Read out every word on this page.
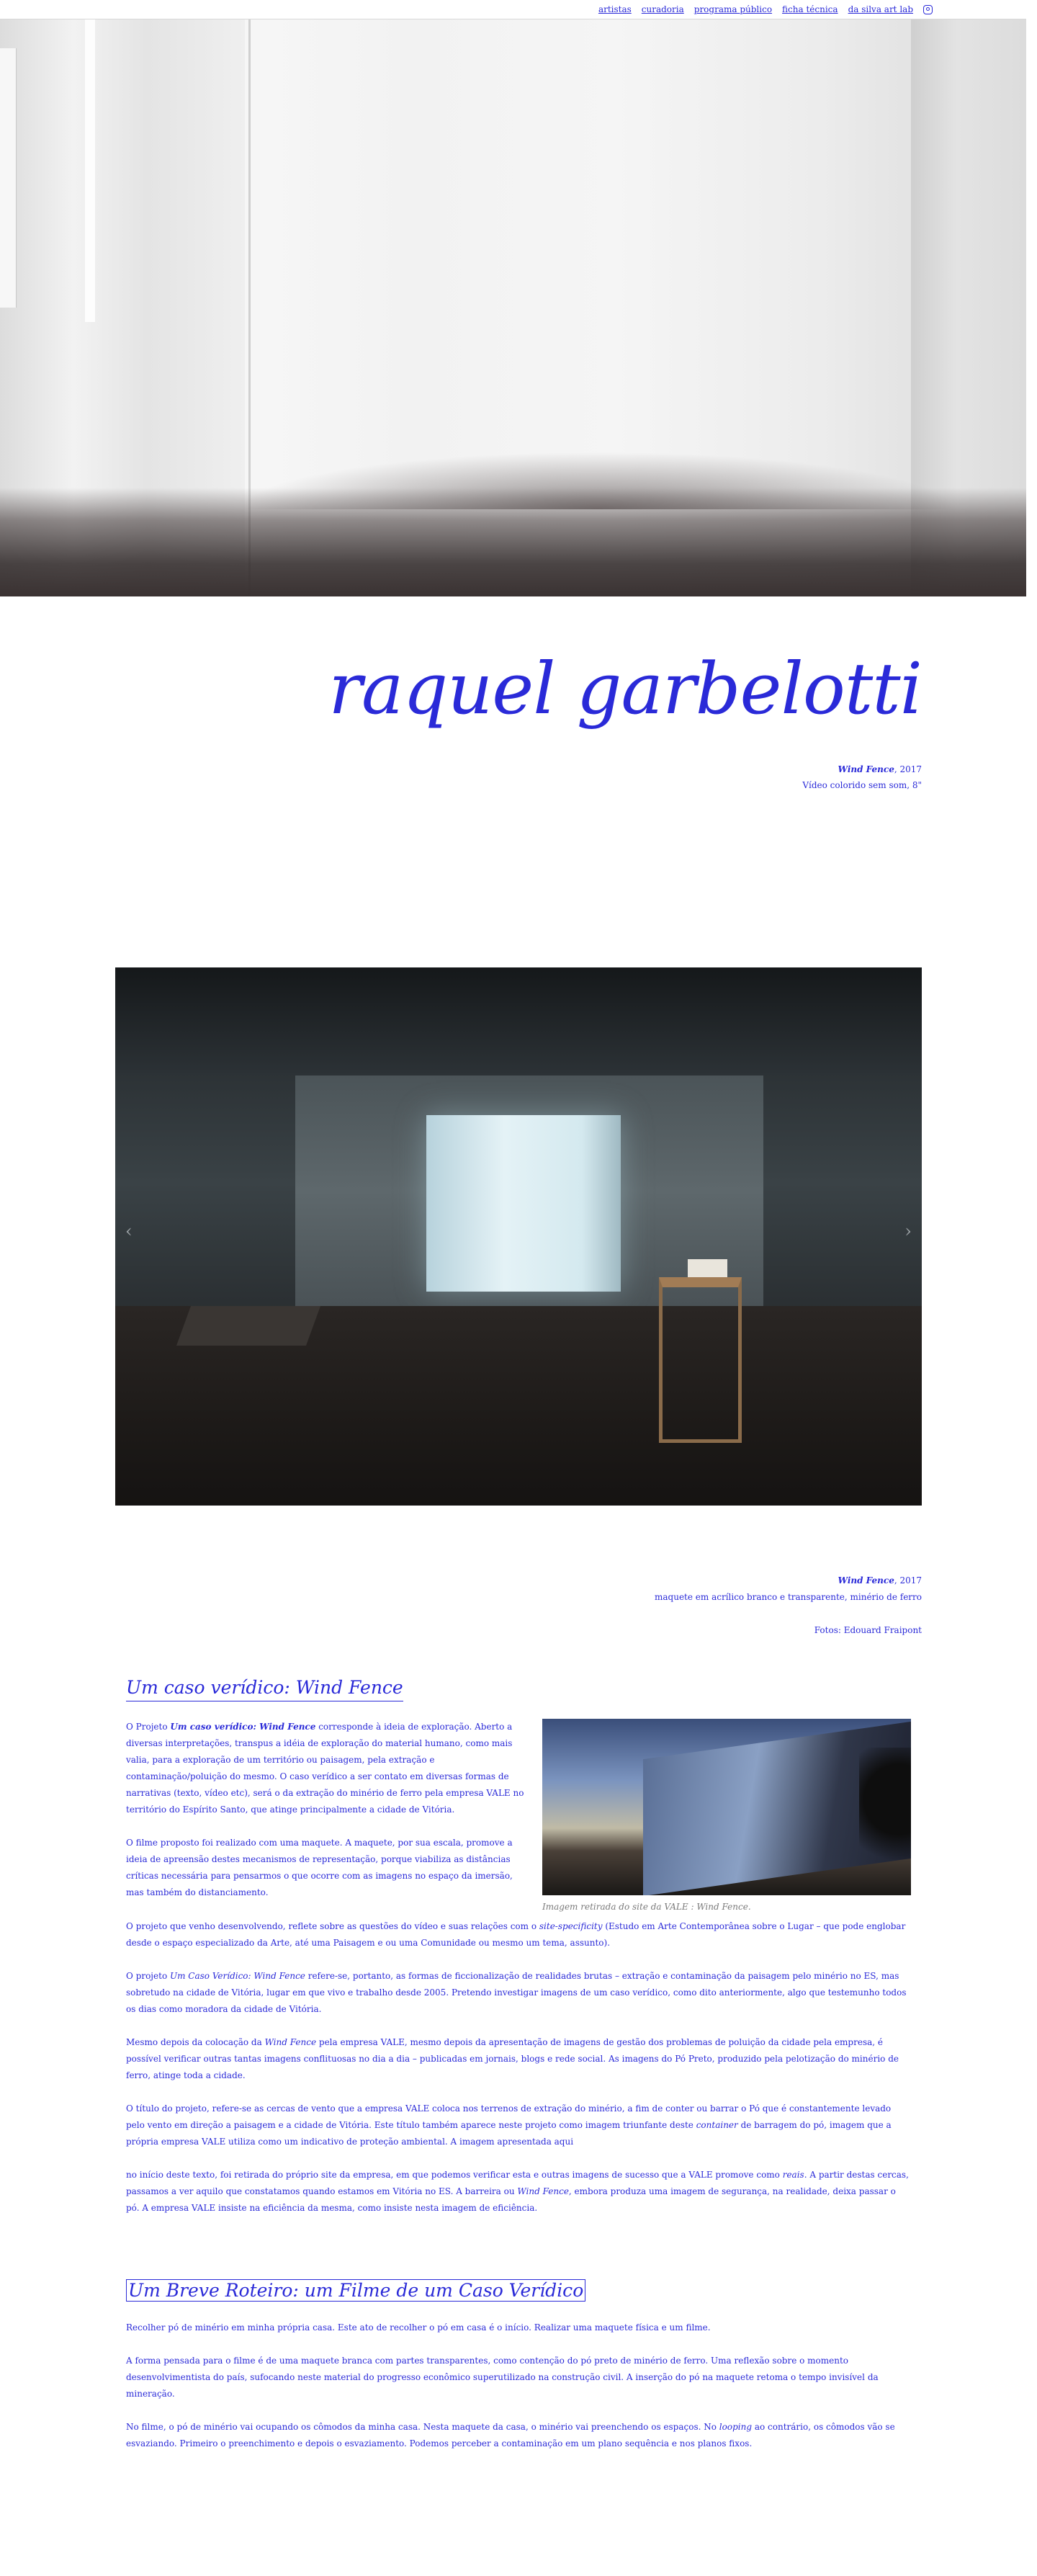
artistas curadoria programa público ficha técnica da silva art lab
raquel garbelotti
Wind Fence, 2017
Vídeo colorido sem som, 8"
‹	›
Wind Fence, 2017
maquete em acrílico branco e transparente, minério de ferro
Fotos: Edouard Fraipont
Um caso verídico: Wind Fence

O Projeto Um caso verídico: Wind Fence corresponde à ideia de exploração. Aberto a diversas interpretações, transpus a idéia de exploração do material humano, como mais valia, para a exploração de um território ou paisagem, pela extração e contaminação/poluição do mesmo. O caso verídico a ser contato em diversas formas de narrativas (texto, vídeo etc), será o da extração do minério de ferro pela empresa VALE no território do Espírito Santo, que atinge principalmente a cidade de Vitória.

O filme proposto foi realizado com uma maquete. A maquete, por sua escala, promove a ideia de apreensão destes mecanismos de representação, porque viabiliza as distâncias críticas necessária para pensarmos o que ocorre com as imagens no espaço da imersão, mas também do distanciamento.

Imagem retirada do site da VALE : Wind Fence.

O projeto que venho desenvolvendo, reflete sobre as questões do vídeo e suas relações com o site-specificity (Estudo em Arte Contemporânea sobre o Lugar – que pode englobar desde o espaço especializado da Arte, até uma Paisagem e ou uma Comunidade ou mesmo um tema, assunto).

O projeto Um Caso Verídico: Wind Fence refere-se, portanto, as formas de ficcionalização de realidades brutas – extração e contaminação da paisagem pelo minério no ES, mas sobretudo na cidade de Vitória, lugar em que vivo e trabalho desde 2005. Pretendo investigar imagens de um caso verídico, como dito anteriormente, algo que testemunho todos os dias como moradora da cidade de Vitória.

Mesmo depois da colocação da Wind Fence pela empresa VALE, mesmo depois da apresentação de imagens de gestão dos problemas de poluição da cidade pela empresa, é possível verificar outras tantas imagens conflituosas no dia a dia – publicadas em jornais, blogs e rede social. As imagens do Pó Preto, produzido pela pelotização do minério de ferro, atinge toda a cidade.

O título do projeto, refere-se as cercas de vento que a empresa VALE coloca nos terrenos de extração do minério, a fim de conter ou barrar o Pó que é constantemente levado pelo vento em direção a paisagem e a cidade de Vitória. Este título também aparece neste projeto como imagem triunfante deste container de barragem do pó, imagem que a própria empresa VALE utiliza como um indicativo de proteção ambiental. A imagem apresentada aqui

no início deste texto, foi retirada do próprio site da empresa, em que podemos verificar esta e outras imagens de sucesso que a VALE promove como reais. A partir destas cercas, passamos a ver aquilo que constatamos quando estamos em Vitória no ES. A barreira ou Wind Fence, embora produza uma imagem de segurança, na realidade, deixa passar o pó. A empresa VALE insiste na eficiência da mesma, como insiste nesta imagem de eficiência.

Um Breve Roteiro: um Filme de um Caso Verídico

Recolher pó de minério em minha própria casa. Este ato de recolher o pó em casa é o início. Realizar uma maquete física e um filme.

A forma pensada para o filme é de uma maquete branca com partes transparentes, como contenção do pó preto de minério de ferro. Uma reflexão sobre o momento desenvolvimentista do país, sufocando neste material do progresso econômico superutilizado na construção civil. A inserção do pó na maquete retoma o tempo invisível da mineração.

No filme, o pó de minério vai ocupando os cômodos da minha casa. Nesta maquete da casa, o minério vai preenchendo os espaços. No looping ao contrário, os cômodos vão se esvaziando. Primeiro o preenchimento e depois o esvaziamento. Podemos perceber a contaminação em um plano sequência e nos planos fixos.
